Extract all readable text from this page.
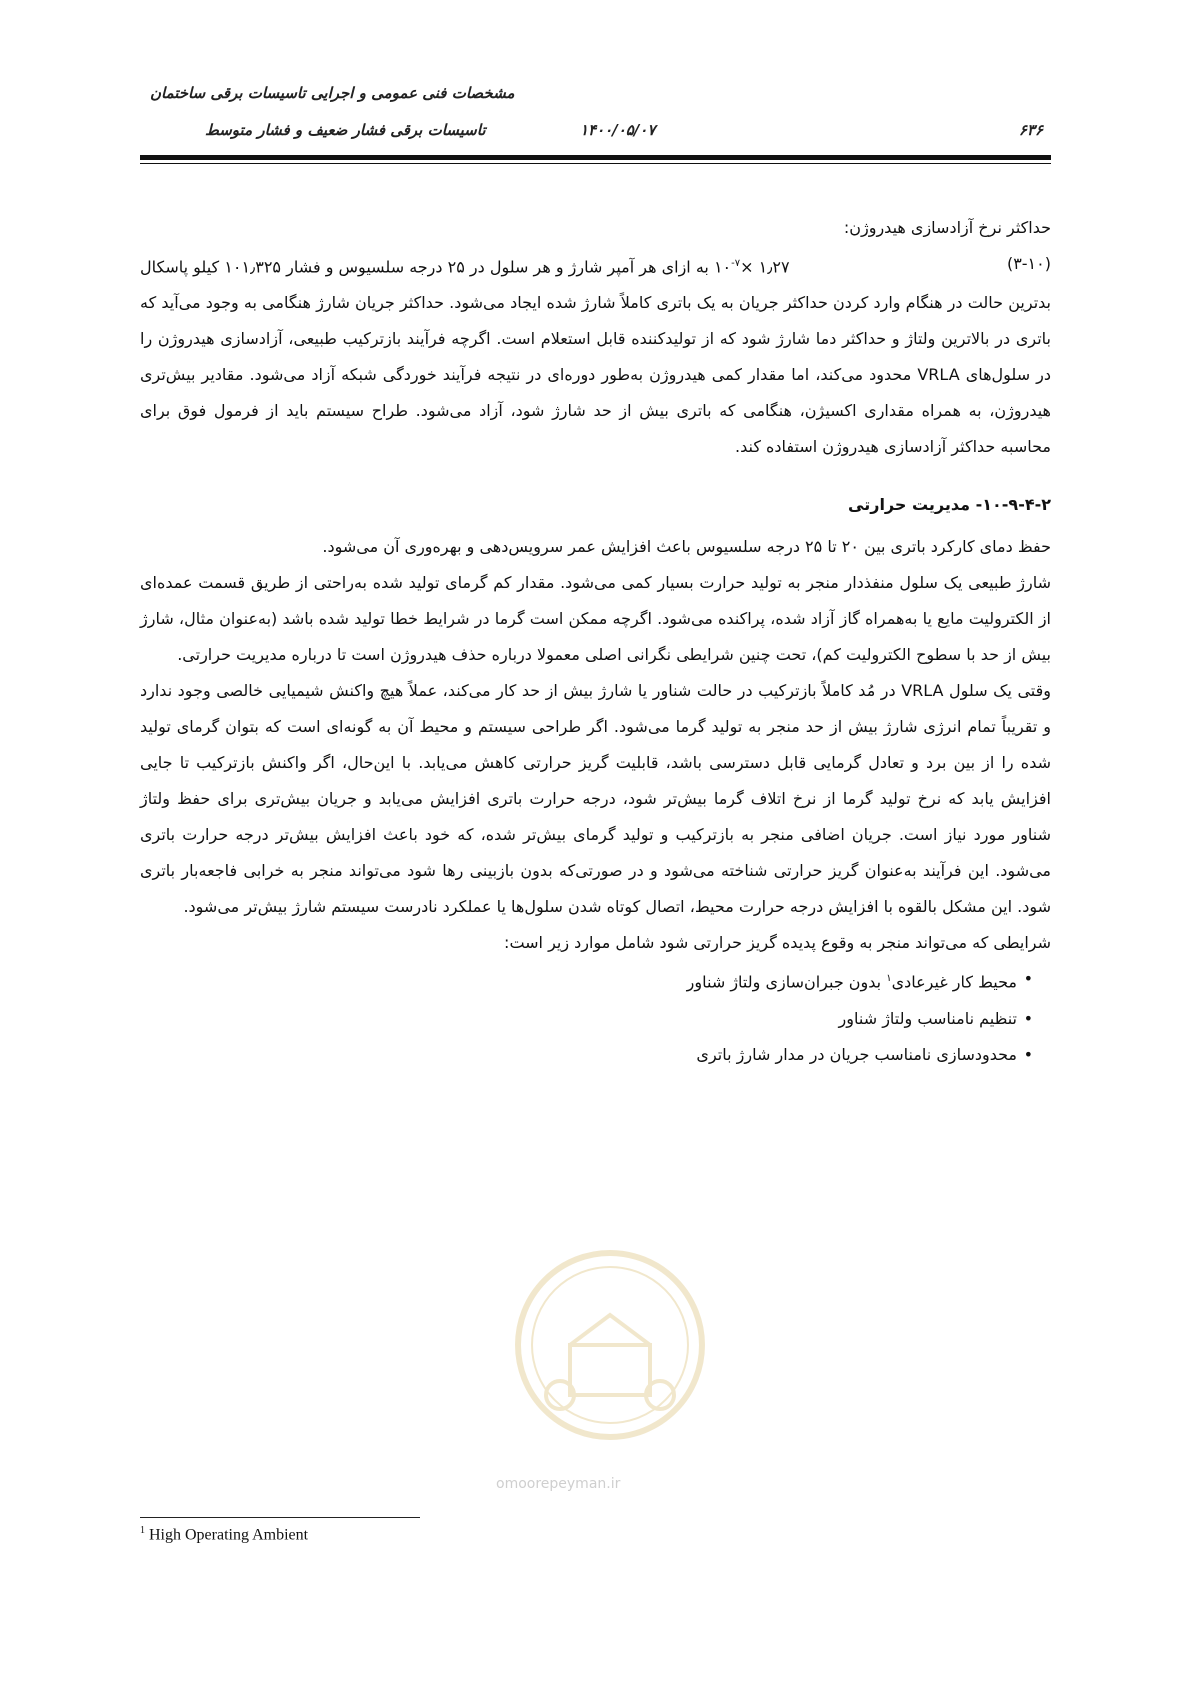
مشخصات فنی عمومی و اجرایی تاسیسات برقی ساختمان
تاسیسات برقی فشار ضعیف و فشار متوسط	۱۴۰۰/۰۵/۰۷	۶۳۶

حداکثر نرخ آزادسازی هیدروژن:

(۳-۱۰)
۱٫۲۷ $\times ۱۰^{-۷}$ به ازای هر آمپر شارژ و هر سلول در ۲۵ درجه سلسیوس و فشار ۱۰۱٫۳۲۵ کیلو پاسکال

بدترین حالت در هنگام وارد کردن حداکثر جریان به یک باتری کاملاً شارژ شده ایجاد می‌شود. حداکثر جریان شارژ هنگامی به وجود می‌آید که باتری در بالاترین ولتاژ و حداکثر دما شارژ شود که از تولیدکننده قابل استعلام است. اگرچه فرآیند بازترکیب طبیعی، آزادسازی هیدروژن را در سلول‌های VRLA محدود می‌کند، اما مقدار کمی هیدروژن به‌طور دوره‌ای در نتیجه فرآیند خوردگی شبکه آزاد می‌شود. مقادیر بیش‌تری هیدروژن، به همراه مقداری اکسیژن، هنگامی که باتری بیش از حد شارژ شود، آزاد می‌شود. طراح سیستم باید از فرمول فوق برای محاسبه حداکثر آزادسازی هیدروژن استفاده کند.

۱۰-۹-۴-۲- مدیریت حرارتی

حفظ دمای کارکرد باتری بین ۲۰ تا ۲۵ درجه سلسیوس باعث افزایش عمر سرویس‌دهی و بهره‌وری آن می‌شود.

شارژ طبیعی یک سلول منفذدار منجر به تولید حرارت بسیار کمی می‌شود. مقدار کم گرمای تولید شده به‌راحتی از طریق قسمت عمده‌ای از الکترولیت مایع یا به‌همراه گاز آزاد شده، پراکنده می‌شود. اگرچه ممکن است گرما در شرایط خطا تولید شده باشد (به‌عنوان مثال، شارژ بیش از حد با سطوح الکترولیت کم)، تحت چنین شرایطی نگرانی اصلی معمولا درباره حذف هیدروژن است تا درباره مدیریت حرارتی.

وقتی یک سلول VRLA در مُد کاملاً بازترکیب در حالت شناور یا شارژ بیش از حد کار می‌کند، عملاً هیچ واکنش شیمیایی خالصی وجود ندارد و تقریباً تمام انرژی شارژ بیش از حد منجر به تولید گرما می‌شود. اگر طراحی سیستم و محیط آن به گونه‌ای است که بتوان گرمای تولید شده را از بین برد و تعادل گرمایی قابل دسترسی باشد، قابلیت گریز حرارتی کاهش می‌یابد. با این‌حال، اگر واکنش بازترکیب تا جایی افزایش یابد که نرخ تولید گرما از نرخ اتلاف گرما بیش‌تر شود، درجه حرارت باتری افزایش می‌یابد و جریان بیش‌تری برای حفظ ولتاژ شناور مورد نیاز است. جریان اضافی منجر به بازترکیب و تولید گرمای بیش‌تر شده، که خود باعث افزایش بیش‌تر درجه حرارت باتری می‌شود. این فرآیند به‌عنوان گریز حرارتی شناخته می‌شود و در صورتی‌که بدون بازبینی رها شود می‌تواند منجر به خرابی فاجعه‌بار باتری شود. این مشکل بالقوه با افزایش درجه حرارت محیط، اتصال کوتاه شدن سلول‌ها یا عملکرد نادرست سیستم شارژ بیش‌تر می‌شود.

شرایطی که می‌تواند منجر به وقوع پدیده گریز حرارتی شود شامل موارد زیر است:

•
محیط کار غیرعادی$^۱$ بدون جبران‌سازی ولتاژ شناور
•
تنظیم نامناسب ولتاژ شناور
•
محدودسازی نامناسب جریان در مدار شارژ باتری
omoorepeyman.ir
$^1$ High Operating Ambient
